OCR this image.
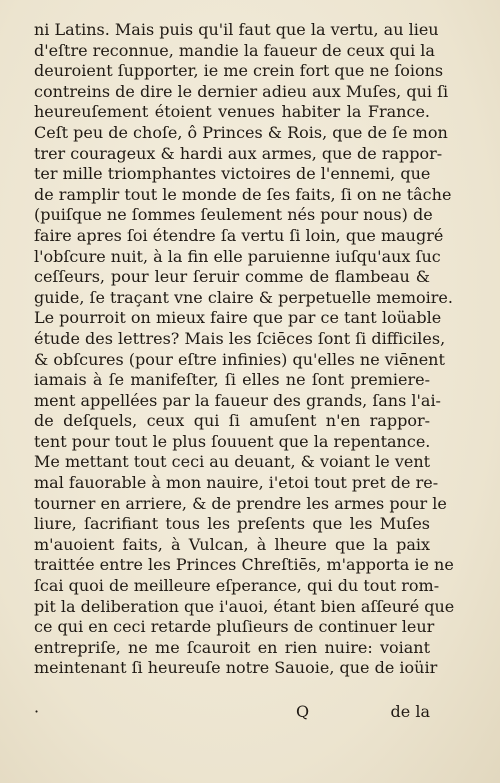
ni Latins. Mais puis qu'il faut que la vertu, au lieu
d'eſtre reconnue, mandie la faueur de ceux qui la
deuroient ſupporter, ie me crein fort que ne ſoions
contreins de dire le dernier adieu aux Muſes, qui ſi
heureuſement étoient venues habiter la France.
Ceſt peu de choſe, ô Princes & Rois, que de ſe mon
trer courageux & hardi aux armes, que de rappor-
ter mille triomphantes victoires de l'ennemi, que
de ramplir tout le monde de ſes faits, ſi on ne tâche
(puiſque ne ſommes ſeulement nés pour nous) de
faire apres ſoi étendre ſa vertu ſi loin, que maugré
l'obſcure nuit, à la fin elle paruienne iuſqu'aux ſuc
ceſſeurs, pour leur ſeruir comme de flambeau &
guide, ſe traçant vne claire & perpetuelle memoire.
Le pourroit on mieux faire que par ce tant loüable
étude des lettres? Mais les ſciēces ſont ſi difficiles,
& obſcures (pour eſtre infinies) qu'elles ne viēnent
iamais à ſe manifeſter, ſi elles ne ſont premiere-
ment appellées par la faueur des grands, ſans l'ai-
de deſquels, ceux qui ſi amuſent n'en rappor-
tent pour tout le plus ſouuent que la repentance.
Me mettant tout ceci au deuant, & voiant le vent
mal fauorable à mon nauire, i'etoi tout pret de re-
tourner en arriere, & de prendre les armes pour le
liure, ſacrifiant tous les preſents que les Muſes
m'auoient faits, à Vulcan, à lheure que la paix
traittée entre les Princes Chreſtiēs, m'apporta ie ne
ſcai quoi de meilleure eſperance, qui du tout rom-
pit la deliberation que i'auoi, étant bien aſſeuré que
ce qui en ceci retarde pluſieurs de continuer leur
entrepriſe, ne me ſcauroit en rien nuire: voiant
meintenant ſi heureuſe notre Sauoie, que de ioüir
·	Q	de la
